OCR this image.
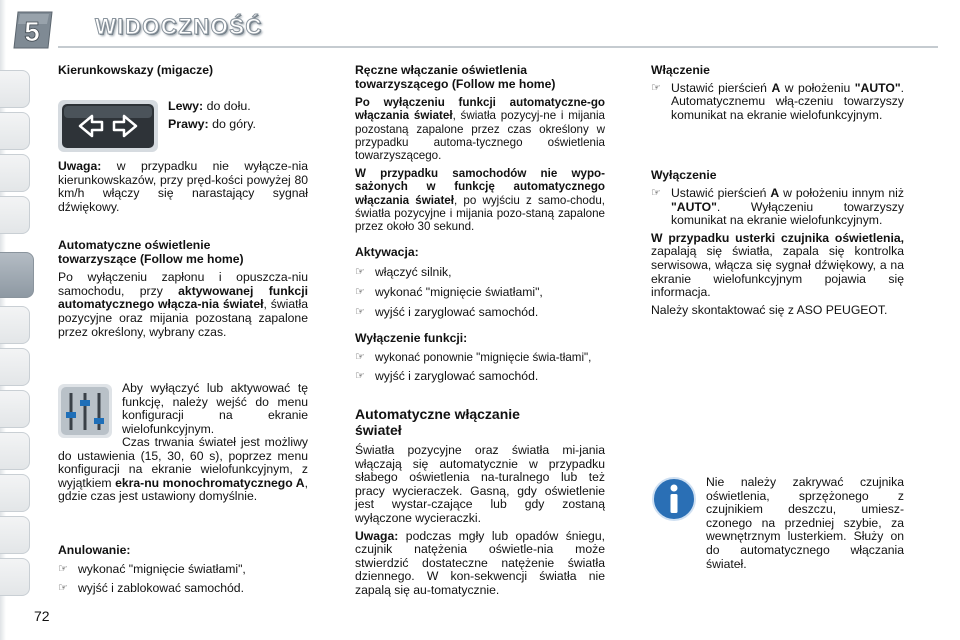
5	WIDOCZNOŚĆ

Kierunkowskazy (migacze)

Lewy: do dołu.

Prawy: do góry.

Uwaga: w przypadku nie wyłącze-nia kierunkowskazów, przy pręd-kości powyżej 80 km/h włączy się narastający sygnał dźwiękowy.

Automatyczne oświetlenie

towarzyszące (Follow me home)

Po wyłączeniu zapłonu i opuszcza-niu samochodu, przy aktywowanej funkcji automatycznego włącza-nia świateł, światła pozycyjne oraz mijania pozostaną zapalone przez określony, wybrany czas.

Aby wyłączyć lub aktywować tę funkcję, należy wejść do menu konfiguracji na ekranie wielofunkcyjnym.

Czas trwania świateł jest możliwy do ustawienia (15, 30, 60 s), poprzez menu konfiguracji na ekranie wielofunkcyjnym, z wyjątkiem ekra-nu monochromatycznego A, gdzie czas jest ustawiony domyślnie.

Anulowanie:

☞ wykonać "mignięcie światłami",
☞ wyjść i zablokować samochód.

Ręczne włączanie oświetlenia

towarzyszącego (Follow me home)

Po wyłączeniu funkcji automatyczne-go włączania świateł, światła pozycyj-ne i mijania pozostaną zapalone przez czas określony w przypadku automa-tycznego oświetlenia towarzyszącego.

W przypadku samochodów nie wypo-sażonych w funkcję automatycznego włączania świateł, po wyjściu z samo-chodu, światła pozycyjne i mijania pozo-staną zapalone przez około 30 sekund.

Aktywacja:

☞ włączyć silnik,
☞ wykonać "mignięcie światłami",
☞ wyjść i zaryglować samochód.

Wyłączenie funkcji:

☞ wykonać ponownie "mignięcie świa-tłami",
☞ wyjść i zaryglować samochód.

Automatyczne włączanie

świateł

Światła pozycyjne oraz światła mi-jania włączają się automatycznie w przypadku słabego oświetlenia na-turalnego lub też pracy wycieraczek. Gasną, gdy oświetlenie jest wystar-czające lub gdy zostaną wyłączone wycieraczki.

Uwaga: podczas mgły lub opadów śniegu, czujnik natężenia oświetle-nia może stwierdzić dostateczne natężenie światła dziennego. W kon-sekwencji światła nie zapalą się au-tomatycznie.

Włączenie

☞ Ustawić pierścień A w położeniu "AUTO". Automatycznemu włą-czeniu towarzyszy komunikat na ekranie wielofunkcyjnym.

Wyłączenie

☞ Ustawić pierścień A w położeniu innym niż "AUTO". Wyłączeniu towarzyszy komunikat na ekranie wielofunkcyjnym.

W przypadku usterki czujnika oświetlenia, zapalają się światła, zapala się kontrolka serwisowa, włącza się sygnał dźwiękowy, a na ekranie wielofunkcyjnym pojawia się informacja.

Należy skontaktować się z ASO PEUGEOT.

Nie należy zakrywać czujnika oświetlenia, sprzężonego z czujnikiem deszczu, umiesz-czonego na przedniej szybie, za wewnętrznym lusterkiem. Służy on do automatycznego włączania świateł.

72
